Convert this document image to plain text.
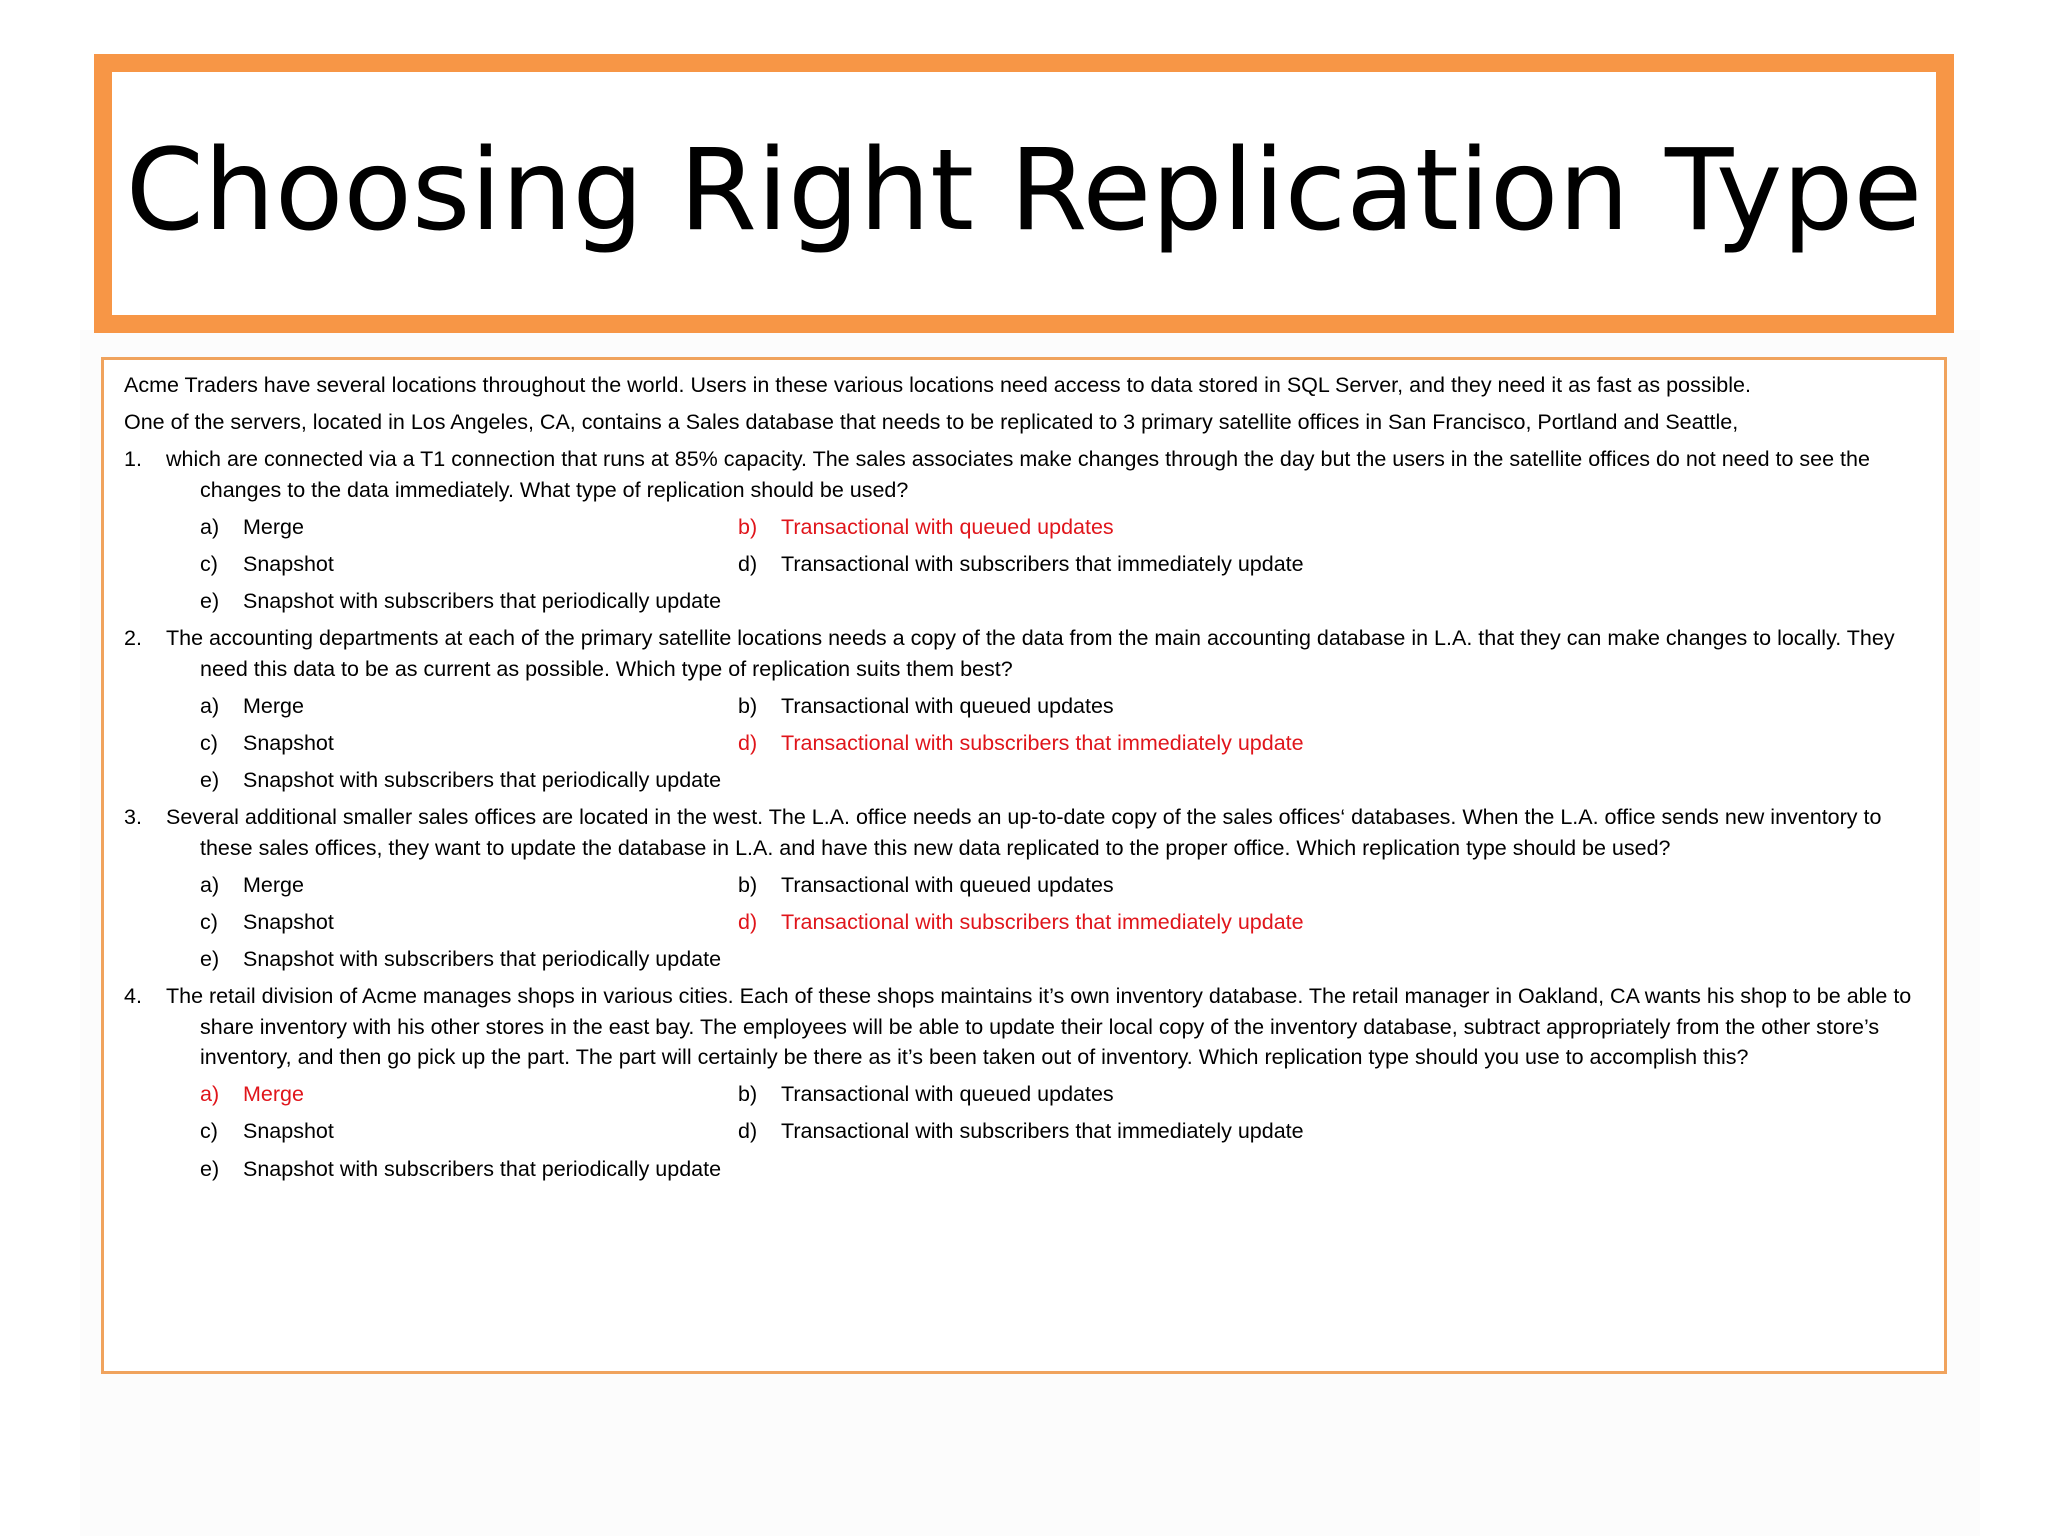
Choosing Right Replication Type

Acme Traders have several locations throughout the world. Users in these various locations need access to data stored in SQL Server, and they need it as fast as possible.

One of the servers, located in Los Angeles, CA, contains a Sales database that needs to be replicated to 3 primary satellite offices in San Francisco, Portland and Seattle,

1. which are connected via a T1 connection that runs at 85% capacity. The sales associates make changes through the day but the users in the satellite offices do not need to see the changes to the data immediately. What type of replication should be used?
a) Merge	b) Transactional with queued updates
c) Snapshot	d) Transactional with subscribers that immediately update
e) Snapshot with subscribers that periodically update
2. The accounting departments at each of the primary satellite locations needs a copy of the data from the main accounting database in L.A. that they can make changes to locally. They need this data to be as current as possible. Which type of replication suits them best?
a) Merge	b) Transactional with queued updates
c) Snapshot	d) Transactional with subscribers that immediately update
e) Snapshot with subscribers that periodically update
3. Several additional smaller sales offices are located in the west. The L.A. office needs an up-to-date copy of the sales offices‘ databases. When the L.A. office sends new inventory to these sales offices, they want to update the database in L.A. and have this new data replicated to the proper office. Which replication type should be used?
a) Merge	b) Transactional with queued updates
c) Snapshot	d) Transactional with subscribers that immediately update
e) Snapshot with subscribers that periodically update
4. The retail division of Acme manages shops in various cities. Each of these shops maintains it’s own inventory database. The retail manager in Oakland, CA wants his shop to be able to share inventory with his other stores in the east bay. The employees will be able to update their local copy of the inventory database, subtract appropriately from the other store’s inventory, and then go pick up the part. The part will certainly be there as it’s been taken out of inventory. Which replication type should you use to accomplish this?
a) Merge	b) Transactional with queued updates
c) Snapshot	d) Transactional with subscribers that immediately update
e) Snapshot with subscribers that periodically update
